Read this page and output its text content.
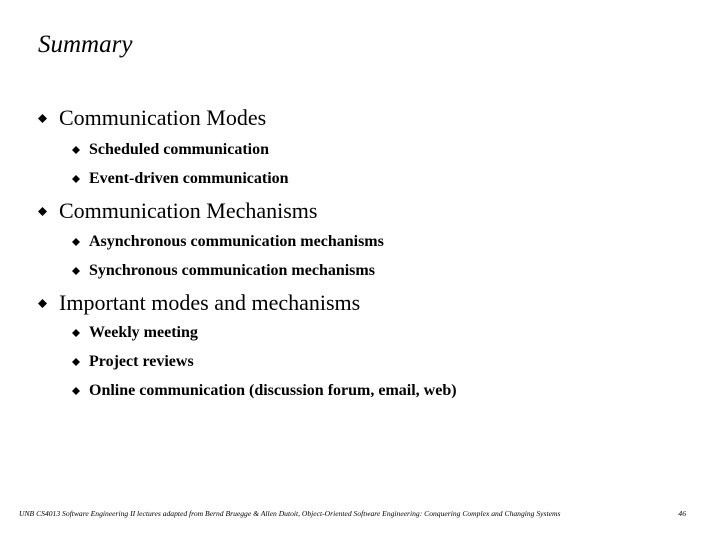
Summary
Communication Modes
Scheduled communication
Event-driven communication
Communication Mechanisms
Asynchronous communication mechanisms
Synchronous communication mechanisms
Important modes and mechanisms
Weekly meeting
Project reviews
Online communication (discussion forum, email, web)
UNB CS4013 Software Engineering II lectures adapted from Bernd Bruegge & Allen Dutoit, Object-Oriented Software Engineering: Conquering Complex and Changing Systems	46
